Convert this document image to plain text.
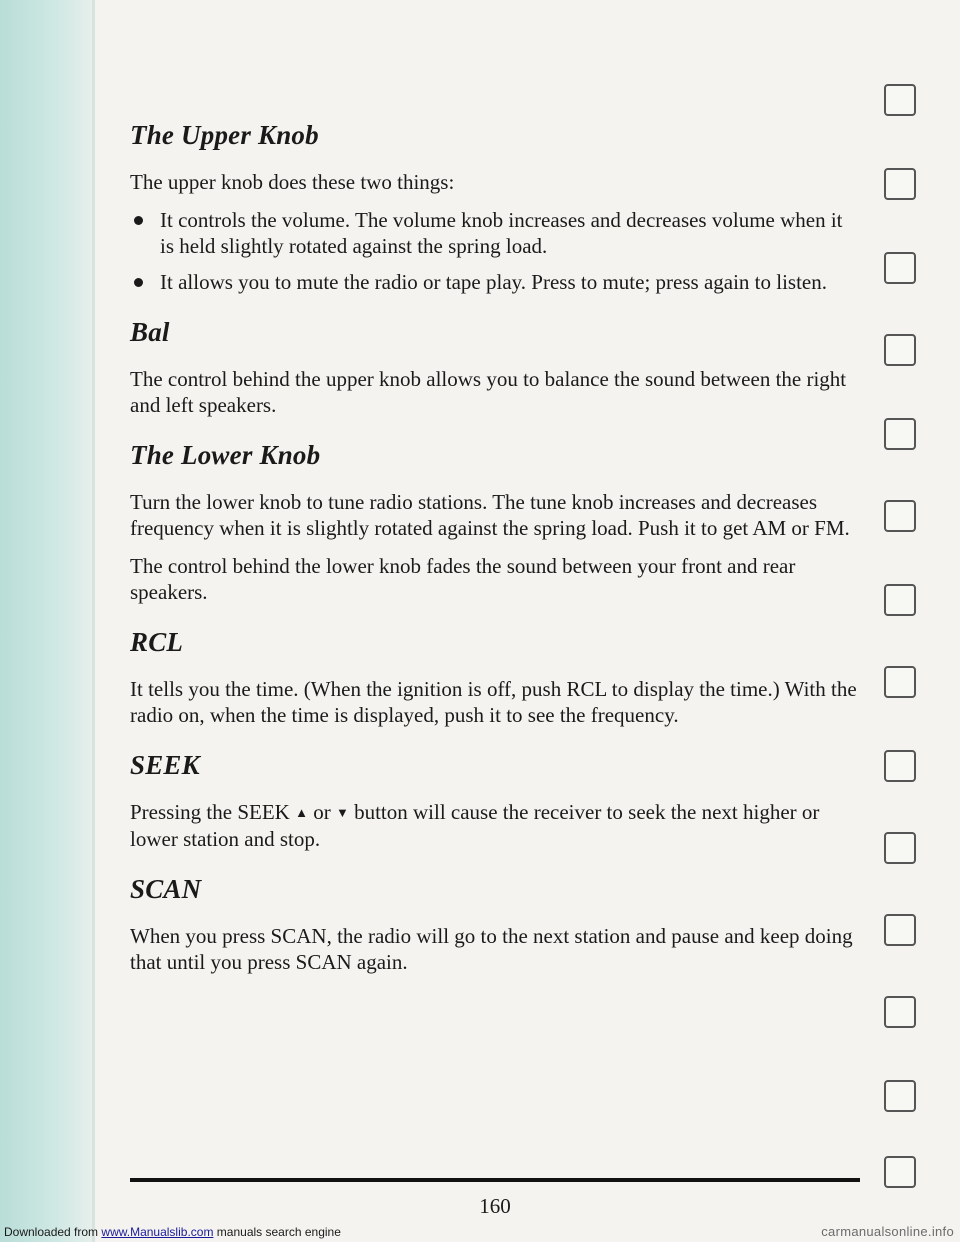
The Upper Knob

The upper knob does these two things:

It controls the volume. The volume knob increases and decreases volume when it is held slightly rotated against the spring load.
It allows you to mute the radio or tape play. Press to mute; press again to listen.
Bal

The control behind the upper knob allows you to balance the sound between the right and left speakers.

The Lower Knob

Turn the lower knob to tune radio stations. The tune knob increases and decreases frequency when it is slightly rotated against the spring load. Push it to get AM or FM.

The control behind the lower knob fades the sound between your front and rear speakers.

RCL

It tells you the time. (When the ignition is off, push RCL to display the time.) With the radio on, when the time is displayed, push it to see the frequency.

SEEK

Pressing the SEEK ▲ or ▼ button will cause the receiver to seek the next higher or lower station and stop.

SCAN

When you press SCAN, the radio will go to the next station and pause and keep doing that until you press SCAN again.

160
Downloaded from www.Manualslib.com manuals search engine	carmanualsonline.info
